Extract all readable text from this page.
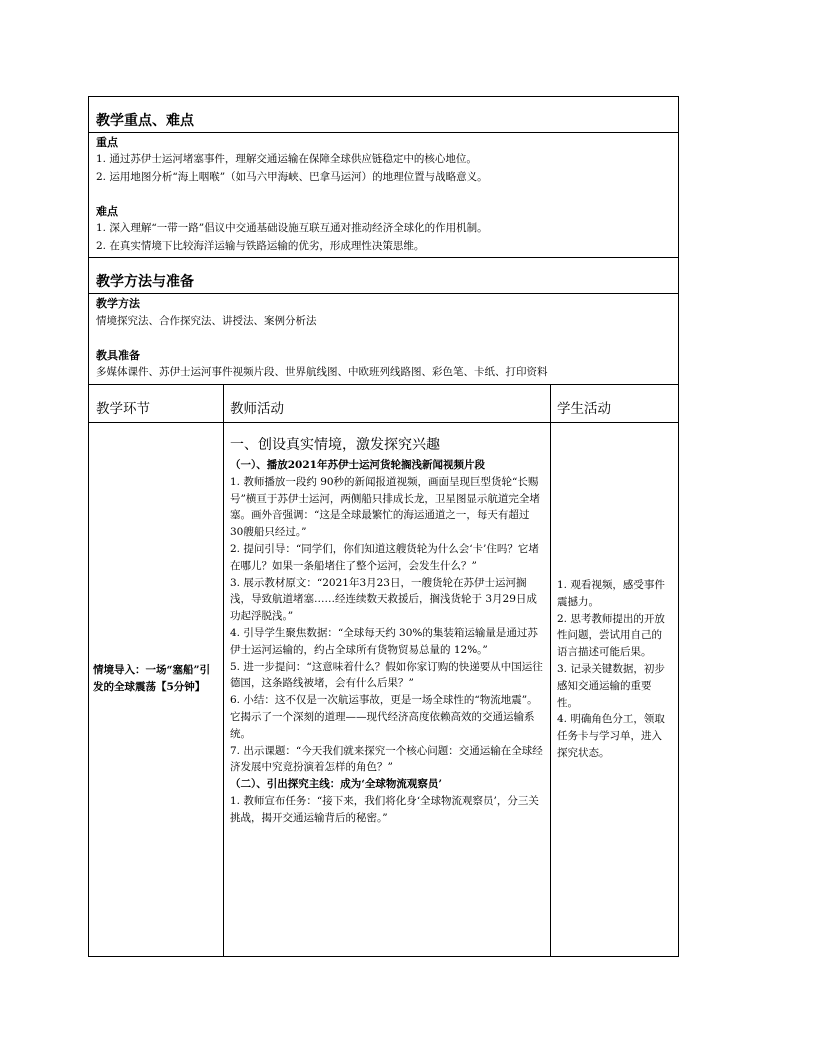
教学重点、难点
重点
1. 通过苏伊士运河堵塞事件，理解交通运输在保障全球供应链稳定中的核心地位。
2. 运用地图分析“海上咽喉”（如马六甲海峡、巴拿马运河）的地理位置与战略意义。
难点
1. 深入理解“一带一路”倡议中交通基础设施互联互通对推动经济全球化的作用机制。
2. 在真实情境下比较海洋运输与铁路运输的优劣，形成理性决策思维。
教学方法与准备
教学方法
情境探究法、合作探究法、讲授法、案例分析法
教具准备
多媒体课件、苏伊士运河事件视频片段、世界航线图、中欧班列线路图、彩色笔、卡纸、打印资料
教学环节	教师活动	学生活动
情境导入：一场“塞船”引发的全球震荡【5分钟】

一、创设真实情境，激发探究兴趣

（一）、播放2021年苏伊士运河货轮搁浅新闻视频片段

1. 教师播放一段约 90秒的新闻报道视频，画面呈现巨型货轮“长赐号”横亘于苏伊士运河，两侧船只排成长龙，卫星图显示航道完全堵塞。画外音强调：“这是全球最繁忙的海运通道之一，每天有超过 30艘船只经过。”

2. 提问引导：“同学们，你们知道这艘货轮为什么会‘卡’住吗？它堵在哪儿？如果一条船堵住了整个运河，会发生什么？”

3. 展示教材原文：“2021年3月23日，一艘货轮在苏伊士运河搁浅，导致航道堵塞……经连续数天救援后，搁浅货轮于 3月29日成功起浮脱浅。”

4. 引导学生聚焦数据：“全球每天约 30%的集装箱运输量是通过苏伊士运河运输的，约占全球所有货物贸易总量的 12%。”

5. 进一步提问：“这意味着什么？假如你家订购的快递要从中国运往德国，这条路线被堵，会有什么后果？”

6. 小结：这不仅是一次航运事故，更是一场全球性的“物流地震”。它揭示了一个深刻的道理——现代经济高度依赖高效的交通运输系统。

7. 出示课题：“今天我们就来探究一个核心问题：交通运输在全球经济发展中究竟扮演着怎样的角色？”

（二）、引出探究主线：成为‘全球物流观察员’

1. 教师宣布任务：“接下来，我们将化身‘全球物流观察员’，分三关挑战，揭开交通运输背后的秘密。”

1. 观看视频，感受事件震撼力。

2. 思考教师提出的开放性问题，尝试用自己的语言描述可能后果。

3. 记录关键数据，初步感知交通运输的重要性。

4. 明确角色分工，领取任务卡与学习单，进入探究状态。
